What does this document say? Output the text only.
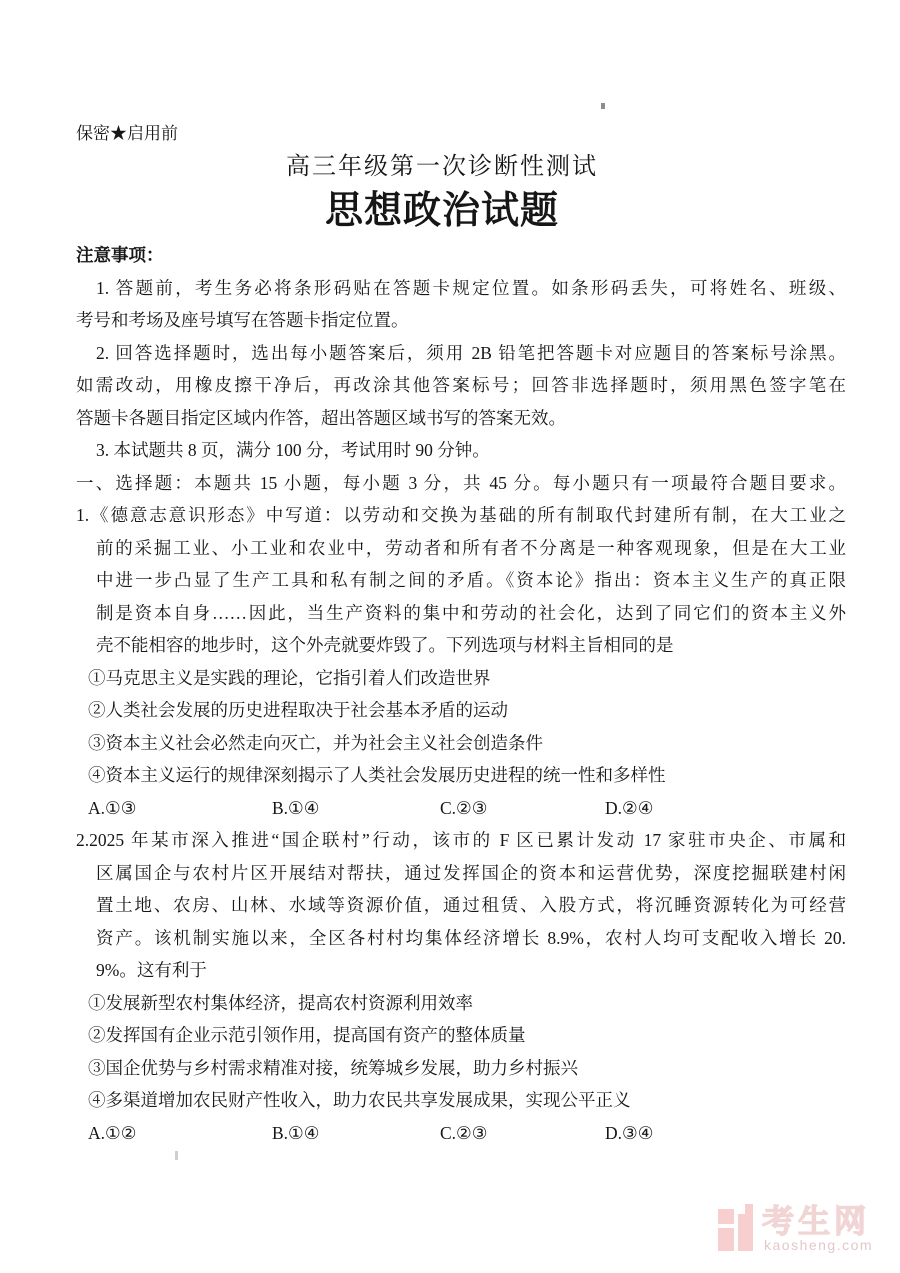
保密★启用前
高三年级第一次诊断性测试
思想政治试题
注意事项：
1. 答题前，考生务必将条形码贴在答题卡规定位置。如条形码丢失，可将姓名、班级、
考号和考场及座号填写在答题卡指定位置。
2. 回答选择题时，选出每小题答案后，须用 2B 铅笔把答题卡对应题目的答案标号涂黑。
如需改动，用橡皮擦干净后，再改涂其他答案标号；回答非选择题时，须用黑色签字笔在
答题卡各题目指定区域内作答，超出答题区域书写的答案无效。
3. 本试题共 8 页，满分 100 分，考试用时 90 分钟。
一、选择题：本题共 15 小题，每小题 3 分，共 45 分。每小题只有一项最符合题目要求。
1.《德意志意识形态》中写道：以劳动和交换为基础的所有制取代封建所有制，在大工业之
前的采掘工业、小工业和农业中，劳动者和所有者不分离是一种客观现象，但是在大工业
中进一步凸显了生产工具和私有制之间的矛盾。《资本论》指出：资本主义生产的真正限
制是资本自身……因此，当生产资料的集中和劳动的社会化，达到了同它们的资本主义外
壳不能相容的地步时，这个外壳就要炸毁了。下列选项与材料主旨相同的是
①马克思主义是实践的理论，它指引着人们改造世界
②人类社会发展的历史进程取决于社会基本矛盾的运动
③资本主义社会必然走向灭亡，并为社会主义社会创造条件
④资本主义运行的规律深刻揭示了人类社会发展历史进程的统一性和多样性
A.①③	B.①④	C.②③	D.②④
2.2025 年某市深入推进“国企联村”行动，该市的 F 区已累计发动 17 家驻市央企、市属和
区属国企与农村片区开展结对帮扶，通过发挥国企的资本和运营优势，深度挖掘联建村闲
置土地、农房、山林、水域等资源价值，通过租赁、入股方式，将沉睡资源转化为可经营
资产。该机制实施以来，全区各村村均集体经济增长 8.9%，农村人均可支配收入增长 20.
9%。这有利于
①发展新型农村集体经济，提高农村资源利用效率
②发挥国有企业示范引领作用，提高国有资产的整体质量
③国企优势与乡村需求精准对接，统筹城乡发展，助力乡村振兴
④多渠道增加农民财产性收入，助力农民共享发展成果，实现公平正义
A.①②	B.①④	C.②③	D.③④
考生网
kaosheng.com
